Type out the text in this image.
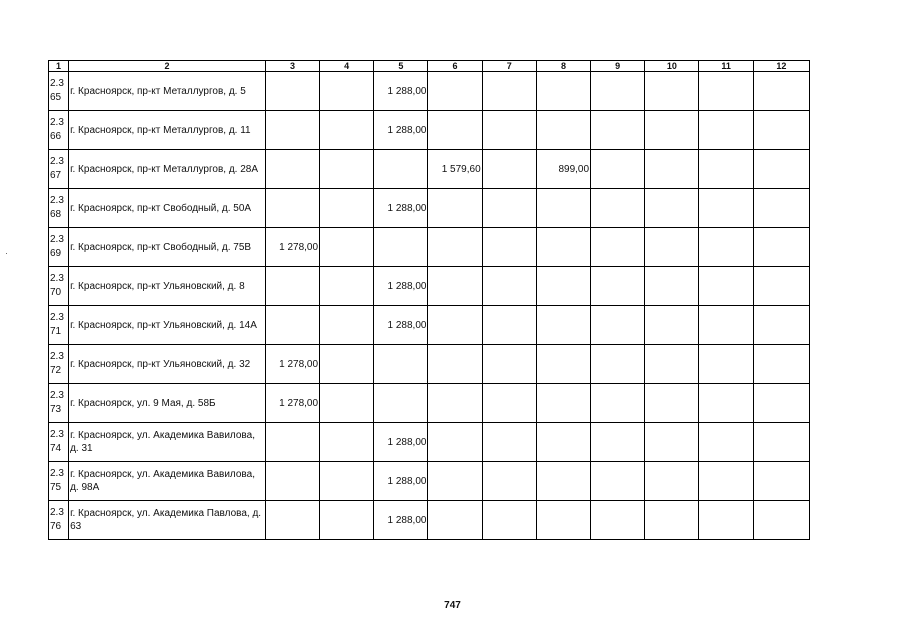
·
1	2	3	4	5	6	7	8	9	10	11	12
2.3 65	г. Красноярск, пр-кт Металлургов, д. 5			1 288,00							
2.3 66	г. Красноярск, пр-кт Металлургов, д. 11			1 288,00							
2.3 67	г. Красноярск, пр-кт Металлургов, д. 28А				1 579,60		899,00				
2.3 68	г. Красноярск, пр-кт Свободный, д. 50А			1 288,00							
2.3 69	г. Красноярск, пр-кт Свободный, д. 75В	1 278,00									
2.3 70	г. Красноярск, пр-кт Ульяновский, д. 8			1 288,00							
2.3 71	г. Красноярск, пр-кт Ульяновский, д. 14А			1 288,00							
2.3 72	г. Красноярск, пр-кт Ульяновский, д. 32	1 278,00									
2.3 73	г. Красноярск, ул. 9 Мая, д. 58Б	1 278,00									
2.3 74	г. Красноярск, ул. Академика Вавилова, д. 31			1 288,00							
2.3 75	г. Красноярск, ул. Академика Вавилова, д. 98А			1 288,00							
2.3 76	г. Красноярск, ул. Академика Павлова, д. 63			1 288,00							
747
